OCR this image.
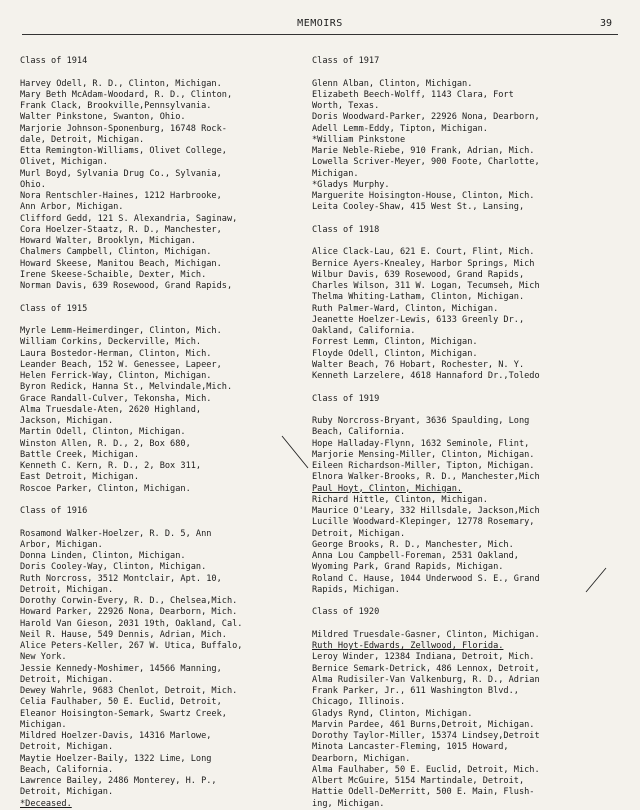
MEMOIRS	39
Class of 1914
Harvey Odell, R. D., Clinton, Michigan.
Mary Beth McAdam-Woodard, R. D., Clinton,
Frank Clack, Brookville,Pennsylvania.
Walter Pinkstone, Swanton, Ohio.
Marjorie Johnson-Sponenburg, 16748 Rock-
dale, Detroit, Michigan.
Etta Remington-Williams, Olivet College,
Olivet, Michigan.
Murl Boyd, Sylvania Drug Co., Sylvania,
Ohio.
Nora Rentschler-Haines, 1212 Harbrooke,
Ann Arbor, Michigan.
Clifford Gedd, 121 S. Alexandria, Saginaw,
Cora Hoelzer-Staatz, R. D., Manchester,
Howard Walter, Brooklyn, Michigan.
Chalmers Campbell, Clinton, Michigan.
Howard Skeese, Manitou Beach, Michigan.
Irene Skeese-Schaible, Dexter, Mich.
Norman Davis, 639 Rosewood, Grand Rapids,
Class of 1915
Myrle Lemm-Heimerdinger, Clinton, Mich.
William Corkins, Deckerville, Mich.
Laura Bostedor-Herman, Clinton, Mich.
Leander Beach, 152 W. Genessee, Lapeer,
Helen Ferrick-Way, Clinton, Michigan.
Byron Redick, Hanna St., Melvindale,Mich.
Grace Randall-Culver, Tekonsha, Mich.
Alma Truesdale-Aten, 2620 Highland,
Jackson, Michigan.
Martin Odell, Clinton, Michigan.
Winston Allen, R. D., 2, Box 680,
Battle Creek, Michigan.
Kenneth C. Kern, R. D., 2, Box 311,
East Detroit, Michigan.
Roscoe Parker, Clinton, Michigan.
Class of 1916
Rosamond Walker-Hoelzer, R. D. 5, Ann
Arbor, Michigan.
Donna Linden, Clinton, Michigan.
Doris Cooley-Way, Clinton, Michigan.
Ruth Norcross, 3512 Montclair, Apt. 10,
Detroit, Michigan.
Dorothy Corwin-Every, R. D., Chelsea,Mich.
Howard Parker, 22926 Nona, Dearborn, Mich.
Harold Van Gieson, 2031 19th, Oakland, Cal.
Neil R. Hause, 549 Dennis, Adrian, Mich.
Alice Peters-Keller, 267 W. Utica, Buffalo,
New York.
Jessie Kennedy-Moshimer, 14566 Manning,
Detroit, Michigan.
Dewey Wahrle, 9683 Chenlot, Detroit, Mich.
Celia Faulhaber, 50 E. Euclid, Detroit,
Eleanor Hoisington-Semark, Swartz Creek,
Michigan.
Mildred Hoelzer-Davis, 14316 Marlowe,
Detroit, Michigan.
Maytie Hoelzer-Baily, 1322 Lime, Long
Beach, California.
Lawrence Bailey, 2486 Monterey, H. P.,
Detroit, Michigan.
*Deceased.
Class of 1917
Glenn Alban, Clinton, Michigan.
Elizabeth Beech-Wolff, 1143 Clara, Fort
Worth, Texas.
Doris Woodward-Parker, 22926 Nona, Dearborn,
Adell Lemm-Eddy, Tipton, Michigan.
*William Pinkstone
Marie Neble-Riebe, 910 Frank, Adrian, Mich.
Lowella Scriver-Meyer, 900 Foote, Charlotte,
Michigan.
*Gladys Murphy.
Marguerite Hoisington-House, Clinton, Mich.
Leita Cooley-Shaw, 415 West St., Lansing,
Class of 1918
Alice Clack-Lau, 621 E. Court, Flint, Mich.
Bernice Ayers-Knealey, Harbor Springs, Mich
Wilbur Davis, 639 Rosewood, Grand Rapids,
Charles Wilson, 311 W. Logan, Tecumseh, Mich
Thelma Whiting-Latham, Clinton, Michigan.
Ruth Palmer-Ward, Clinton, Michigan.
Jeanette Hoelzer-Lewis, 6133 Greenly Dr.,
Oakland, California.
Forrest Lemm, Clinton, Michigan.
Floyde Odell, Clinton, Michigan.
Walter Beach, 76 Hobart, Rochester, N. Y.
Kenneth Larzelere, 4618 Hannaford Dr.,Toledo
Class of 1919
Ruby Norcross-Bryant, 3636 Spaulding, Long
Beach, California.
Hope Halladay-Flynn, 1632 Seminole, Flint,
Marjorie Mensing-Miller, Clinton, Michigan.
Eileen Richardson-Miller, Tipton, Michigan.
Elnora Walker-Brooks, R. D., Manchester,Mich
Paul Hoyt, Clinton, Michigan.
Richard Hittle, Clinton, Michigan.
Maurice O'Leary, 332 Hillsdale, Jackson,Mich
Lucille Woodward-Klepinger, 12778 Rosemary,
Detroit, Michigan.
George Brooks, R. D., Manchester, Mich.
Anna Lou Campbell-Foreman, 2531 Oakland,
Wyoming Park, Grand Rapids, Michigan.
Roland C. Hause, 1044 Underwood S. E., Grand
Rapids, Michigan.
Class of 1920
Mildred Truesdale-Gasner, Clinton, Michigan.
Ruth Hoyt-Edwards, Zellwood, Florida.
Leroy Winder, 12384 Indiana, Detroit, Mich.
Bernice Semark-Detrick, 486 Lennox, Detroit,
Alma Rudisiler-Van Valkenburg, R. D., Adrian
Frank Parker, Jr., 611 Washington Blvd.,
Chicago, Illinois.
Gladys Rynd, Clinton, Michigan.
Marvin Pardee, 461 Burns,Detroit, Michigan.
Dorothy Taylor-Miller, 15374 Lindsey,Detroit
Minota Lancaster-Fleming, 1015 Howard,
Dearborn, Michigan.
Alma Faulhaber, 50 E. Euclid, Detroit, Mich.
Albert McGuire, 5154 Martindale, Detroit,
Hattie Odell-DeMerritt, 500 E. Main, Flush-
ing, Michigan.
